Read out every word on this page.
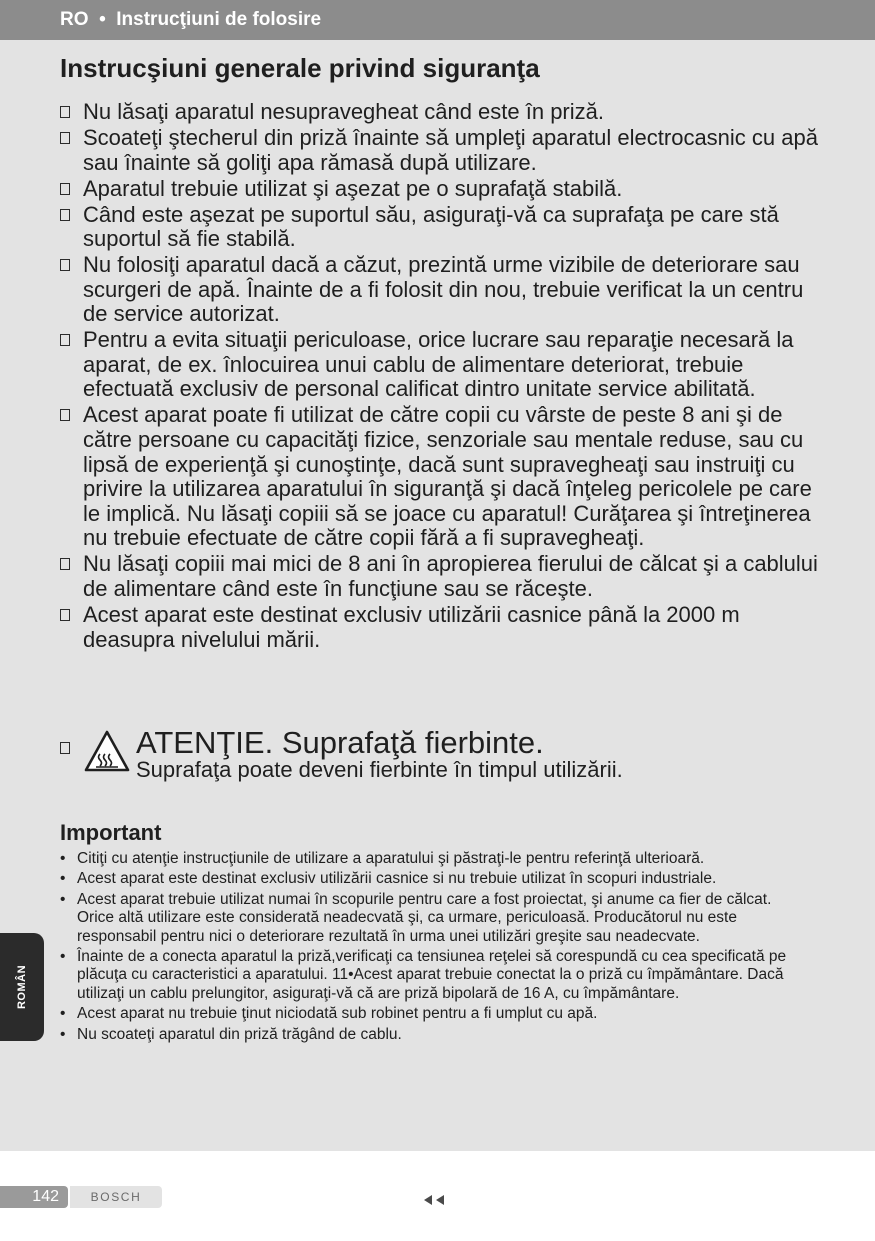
RO • Instrucţiuni de folosire
ROMÂN
Instrucşiuni generale privind siguranţa
Nu lăsaţi aparatul nesupravegheat când este în priză.
Scoateţi ştecherul din priză înainte să umpleţi aparatul electrocasnic cu apă sau înainte să goliţi apa rămasă după utilizare.
Aparatul trebuie utilizat şi aşezat pe o suprafaţă stabilă.
Când este aşezat pe suportul său, asiguraţi-vă ca suprafaţa pe care stă suportul să fie stabilă.
Nu folosiţi aparatul dacă a căzut, prezintă urme vizibile de deteriorare sau scurgeri de apă. Înainte de a fi folosit din nou, trebuie verificat la un centru de service autorizat.
Pentru a evita situaţii periculoase, orice lucrare sau reparaţie necesară la aparat, de ex. înlocuirea unui cablu de alimentare deteriorat, trebuie efectuată exclusiv de personal calificat dintro unitate service abilitată.
Acest aparat poate fi utilizat de către copii cu vârste de peste 8 ani şi de către persoane cu capacităţi fizice, senzoriale sau mentale reduse, sau cu lipsă de experienţă şi cunoştinţe, dacă sunt supravegheaţi sau instruiţi cu privire la utilizarea aparatului în siguranţă şi dacă înţeleg pericolele pe care le implică. Nu lăsaţi copiii să se joace cu aparatul! Curăţarea şi întreţinerea nu trebuie efectuate de către copii fără a fi supravegheaţi.
Nu lăsaţi copiii mai mici de 8 ani în apropierea fierului de călcat şi a cablului de alimentare când este în funcţiune sau se răceşte.
Acest aparat este destinat exclusiv utilizării casnice până la 2000 m deasupra nivelului mării.
ATENŢIE. Suprafaţă fierbinte.
Suprafaţa poate deveni fierbinte în timpul utilizării.
Important
• Citiţi cu atenţie instrucţiunile de utilizare a aparatului şi păstraţi-le pentru referinţă ulterioară.
• Acest aparat este destinat exclusiv utilizării casnice si nu trebuie utilizat în scopuri industriale.
• Acest aparat trebuie utilizat numai în scopurile pentru care a fost proiectat, şi anume ca fier de călcat. Orice altă utilizare este considerată neadecvată şi, ca urmare, periculoasă. Producătorul nu este responsabil pentru nici o deteriorare rezultată în urma unei utilizări greşite sau neadecvate.
• Înainte de a conecta aparatul la priză,verificaţi ca tensiunea reţelei să corespundă cu cea specificată pe plăcuţa cu caracteristici a aparatului. 11•Acest aparat trebuie conectat la o priză cu împământare. Dacă utilizaţi un cablu prelungitor, asiguraţi-vă că are priză bipolară de 16 A, cu împământare.
• Acest aparat nu trebuie ţinut niciodată sub robinet pentru a fi umplut cu apă.
• Nu scoateţi aparatul din priză trăgând de cablu.
142	BOSCH
